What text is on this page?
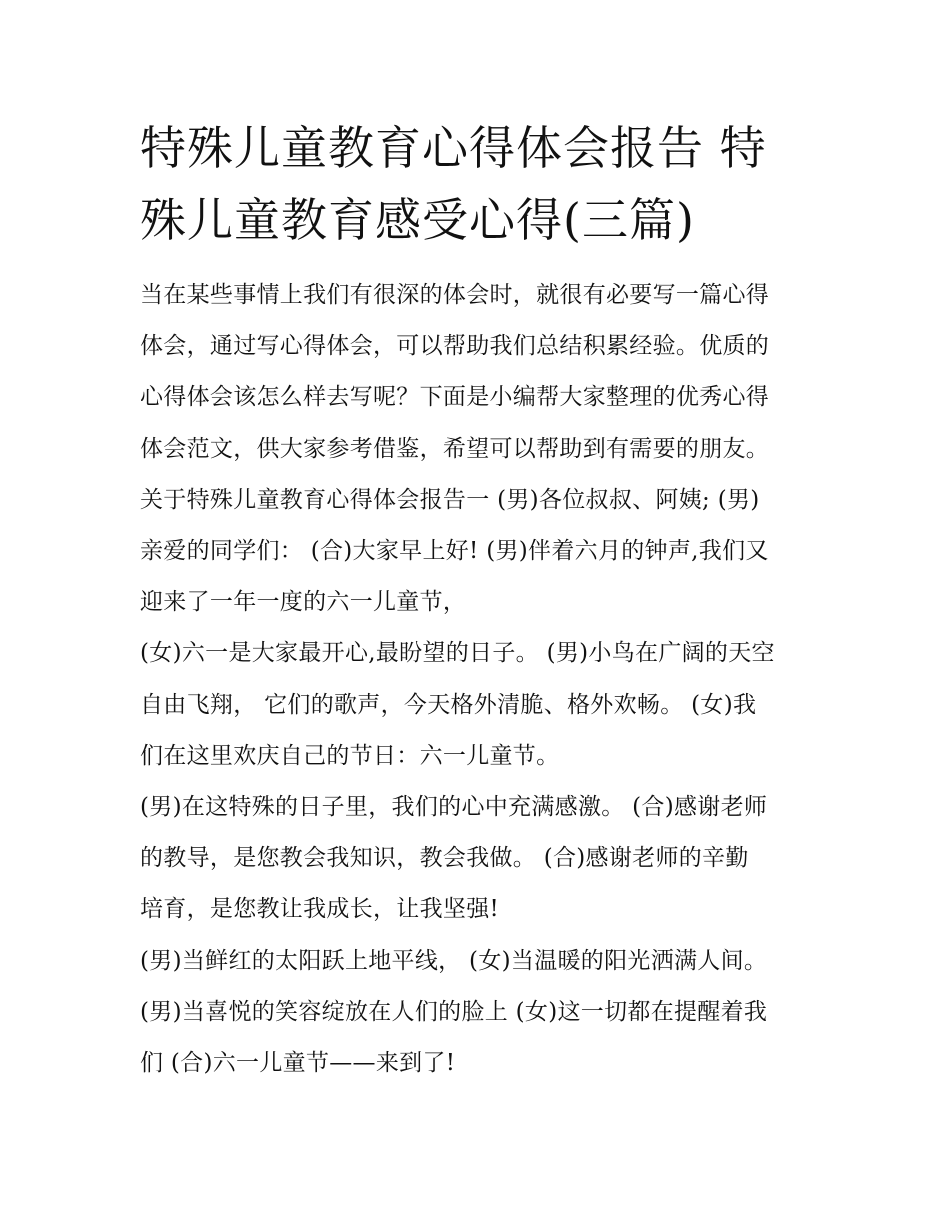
特殊儿童教育心得体会报告 特
殊儿童教育感受心得(三篇)
当在某些事情上我们有很深的体会时，就很有必要写一篇心得
体会，通过写心得体会，可以帮助我们总结积累经验。优质的
心得体会该怎么样去写呢？下面是小编帮大家整理的优秀心得
体会范文，供大家参考借鉴，希望可以帮助到有需要的朋友。
关于特殊儿童教育心得体会报告一 (男)各位叔叔、阿姨; (男)
亲爱的同学们： (合)大家早上好! (男)伴着六月的钟声,我们又
迎来了一年一度的六一儿童节，
(女)六一是大家最开心,最盼望的日子。 (男)小鸟在广阔的天空
自由飞翔， 它们的歌声，今天格外清脆、格外欢畅。 (女)我
们在这里欢庆自己的节日：六一儿童节。
(男)在这特殊的日子里，我们的心中充满感激。 (合)感谢老师
的教导，是您教会我知识，教会我做。 (合)感谢老师的辛勤
培育，是您教让我成长，让我坚强!
(男)当鲜红的太阳跃上地平线， (女)当温暖的阳光洒满人间。
(男)当喜悦的笑容绽放在人们的脸上 (女)这一切都在提醒着我
们 (合)六一儿童节——来到了!
